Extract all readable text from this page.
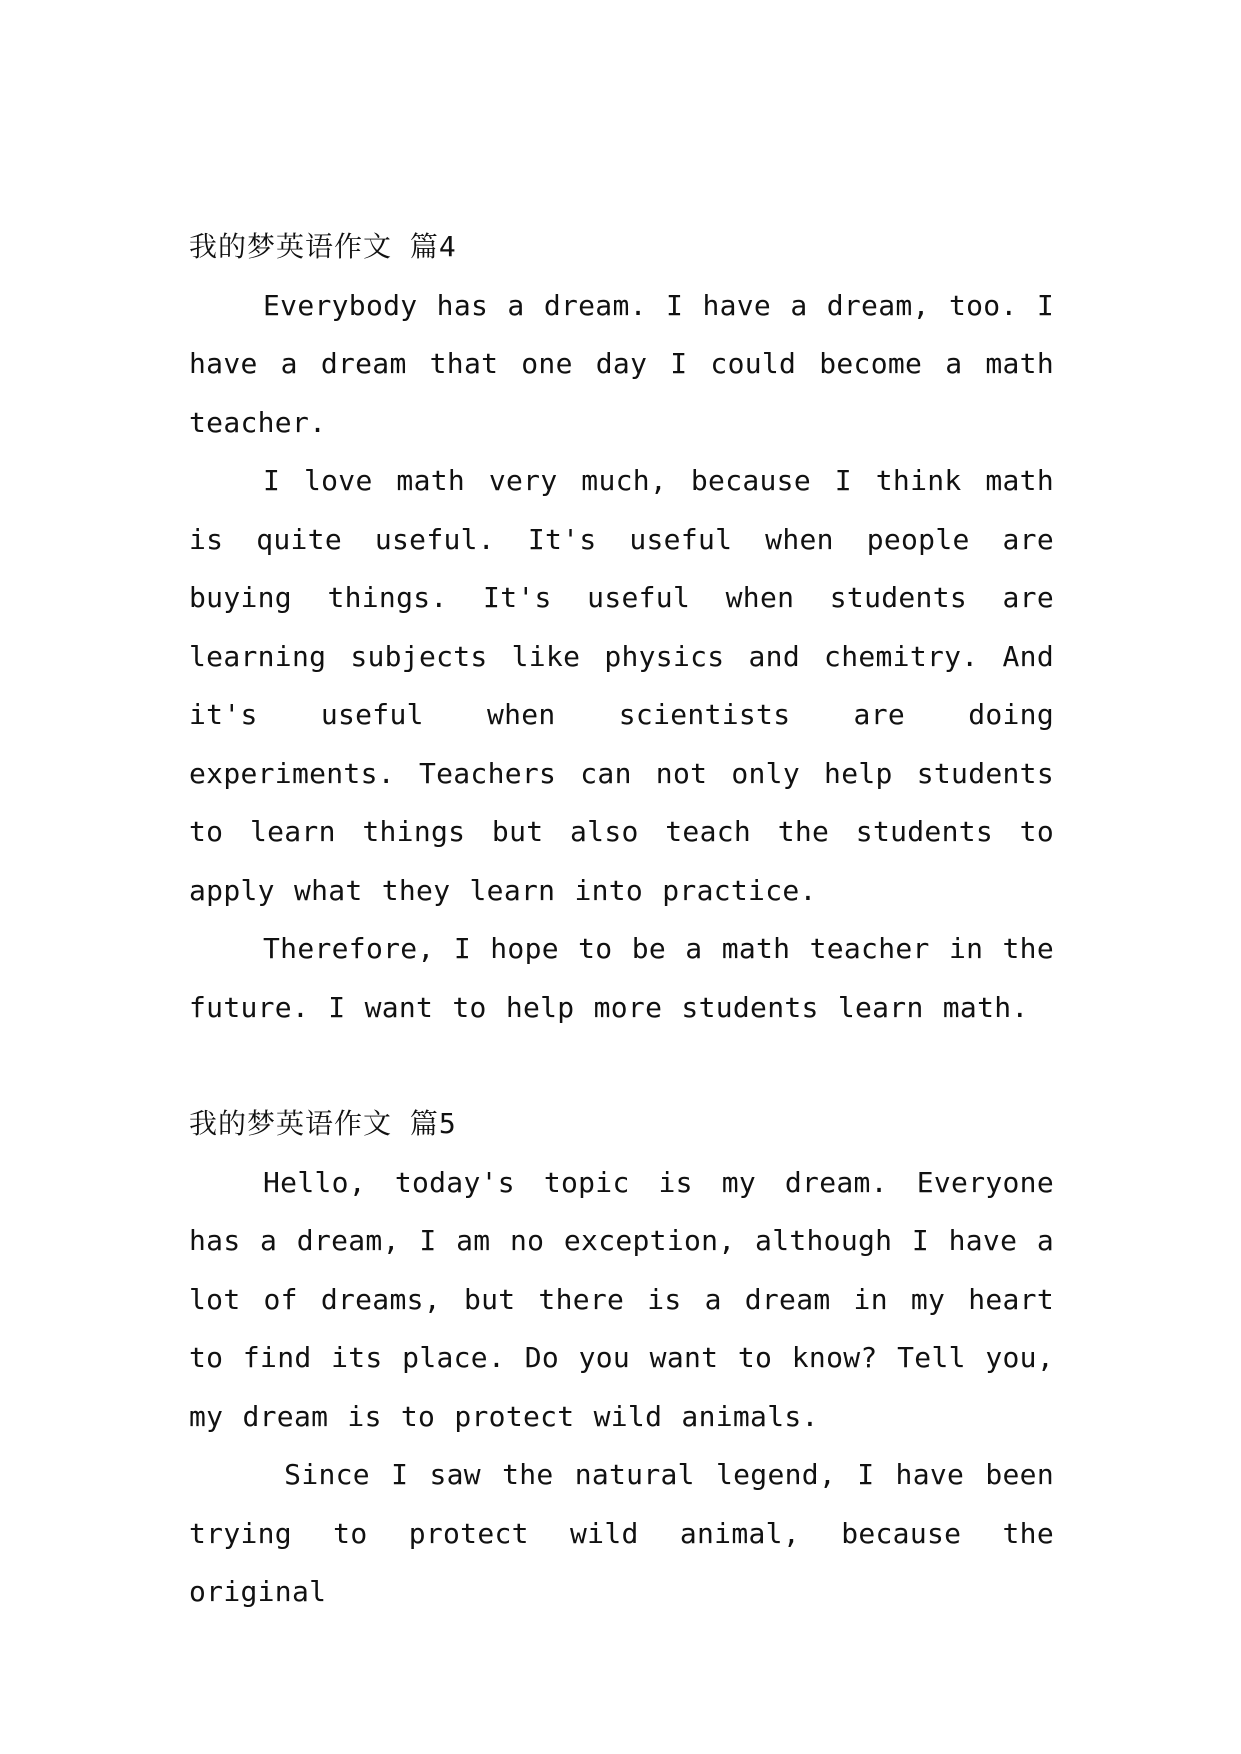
我的梦英语作文 篇4

Everybody has a dream. I have a dream, too. I have a dream that one day I could become a math teacher.

I love math very much, because I think math is quite useful. It's useful when people are buying things. It's useful when students are learning subjects like physics and chemitry. And it's useful when scientists are doing experiments. Teachers can not only help students to learn things but also teach the students to apply what they learn into practice.

Therefore, I hope to be a math teacher in the future. I want to help more students learn math.

我的梦英语作文 篇5

Hello, today's topic is my dream. Everyone has a dream, I am no exception, although I have a lot of dreams, but there is a dream in my heart to find its place. Do you want to know? Tell you, my dream is to protect wild animals.

Since I saw the natural legend, I have been trying to protect wild animal, because the original
